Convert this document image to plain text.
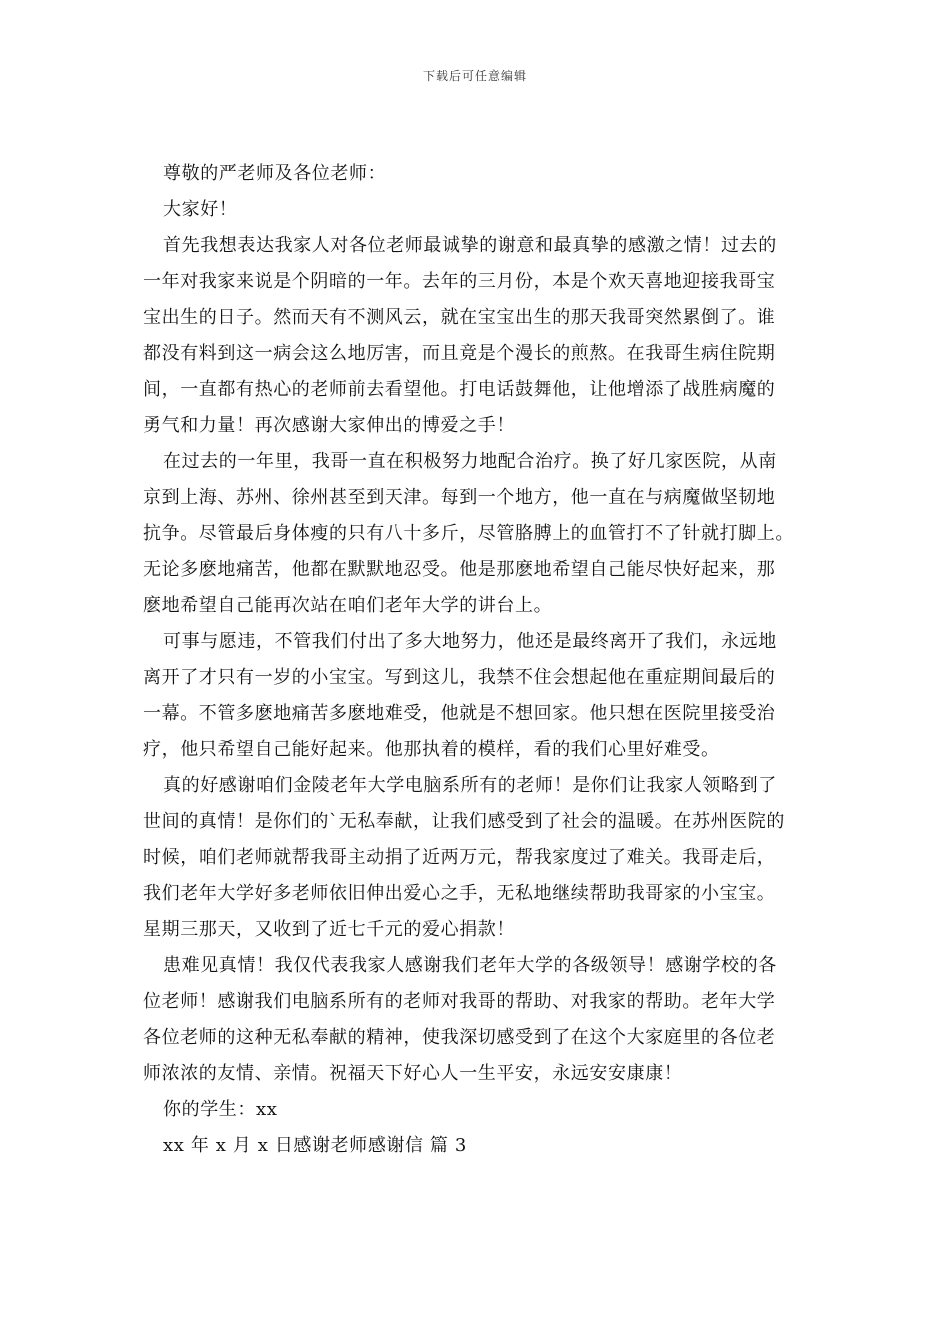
下载后可任意编辑
尊敬的严老师及各位老师：
大家好！
首先我想表达我家人对各位老师最诚挚的谢意和最真挚的感激之情！过去的
一年对我家来说是个阴暗的一年。去年的三月份，本是个欢天喜地迎接我哥宝
宝出生的日子。然而天有不测风云，就在宝宝出生的那天我哥突然累倒了。谁
都没有料到这一病会这么地厉害，而且竟是个漫长的煎熬。在我哥生病住院期
间，一直都有热心的老师前去看望他。打电话鼓舞他，让他增添了战胜病魔的
勇气和力量！再次感谢大家伸出的博爱之手！
在过去的一年里，我哥一直在积极努力地配合治疗。换了好几家医院，从南
京到上海、苏州、徐州甚至到天津。每到一个地方，他一直在与病魔做坚韧地
抗争。尽管最后身体瘦的只有八十多斤，尽管胳膊上的血管打不了针就打脚上。
无论多麽地痛苦，他都在默默地忍受。他是那麽地希望自己能尽快好起来，那
麽地希望自己能再次站在咱们老年大学的讲台上。
可事与愿违，不管我们付出了多大地努力，他还是最终离开了我们，永远地
离开了才只有一岁的小宝宝。写到这儿，我禁不住会想起他在重症期间最后的
一幕。不管多麽地痛苦多麽地难受，他就是不想回家。他只想在医院里接受治
疗，他只希望自己能好起来。他那执着的模样，看的我们心里好难受。
真的好感谢咱们金陵老年大学电脑系所有的老师！是你们让我家人领略到了
世间的真情！是你们的`无私奉献，让我们感受到了社会的温暖。在苏州医院的
时候，咱们老师就帮我哥主动捐了近两万元，帮我家度过了难关。我哥走后，
我们老年大学好多老师依旧伸出爱心之手，无私地继续帮助我哥家的小宝宝。
星期三那天，又收到了近七千元的爱心捐款！
患难见真情！我仅代表我家人感谢我们老年大学的各级领导！感谢学校的各
位老师！感谢我们电脑系所有的老师对我哥的帮助、对我家的帮助。老年大学
各位老师的这种无私奉献的精神，使我深切感受到了在这个大家庭里的各位老
师浓浓的友情、亲情。祝福天下好心人一生平安，永远安安康康！
你的学生：xx
xx 年 x 月 x 日感谢老师感谢信 篇 3
